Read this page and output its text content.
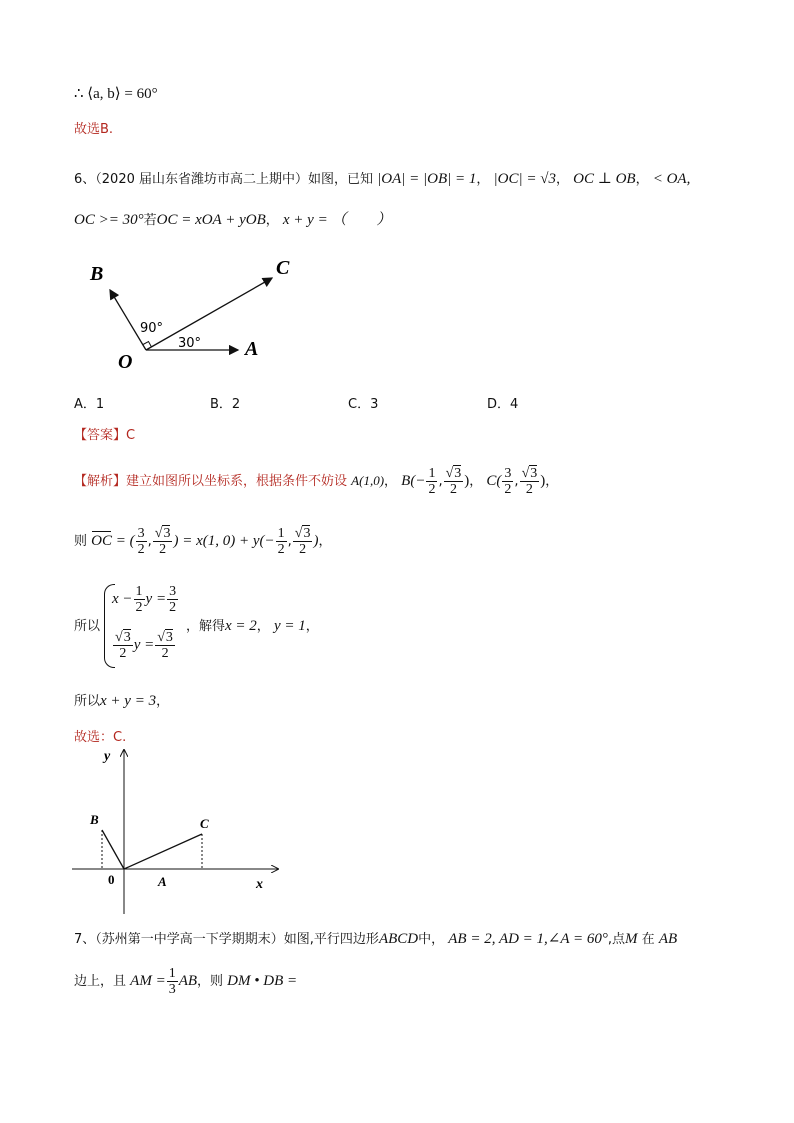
∴ ⟨a, b⟩ = 60°
故选B.
6、（2020 届山东省潍坊市高二上期中）如图，已知 |OA| = |OB| = 1， |OC| = √3， OC ⊥ OB， < OA,
OC >= 30°若OC = xOA + yOB， x + y = （　　）
B	C
O
A
90°
30°
A．1	B．2	C．3	D．4
【答案】C
【解析】建立如图所以坐标系，根据条件不妨设 A(1,0)， $B(- \frac{1}{2}$ , $\frac{√3}{2}$ )， $C( \frac{3}{2}$ , $\frac{√3}{2}$ )，
则 OC = ( $\frac{3}{2}$ , $\frac{√3}{2}$ ) = x(1, $0) + y(- \frac{1}{2}$ , $\frac{√3}{2}$ )，
所以
$x - \frac{1}{2}$ $y = \frac{3}{2}$
$\frac{√3}{2}$ $y = \frac{√3}{2}$
，解得x = 2， y = 1，
所以x + y = 3，
故选：C.
y
x
0	A
B	C
7、（苏州第一中学高一下学期期末）如图,平行四边形ABCD中， AB = 2, AD = 1,∠A = 60°,点M 在 AB
边上，且 AM = $\frac{1}{3}$ AB，则 DM • DB =
